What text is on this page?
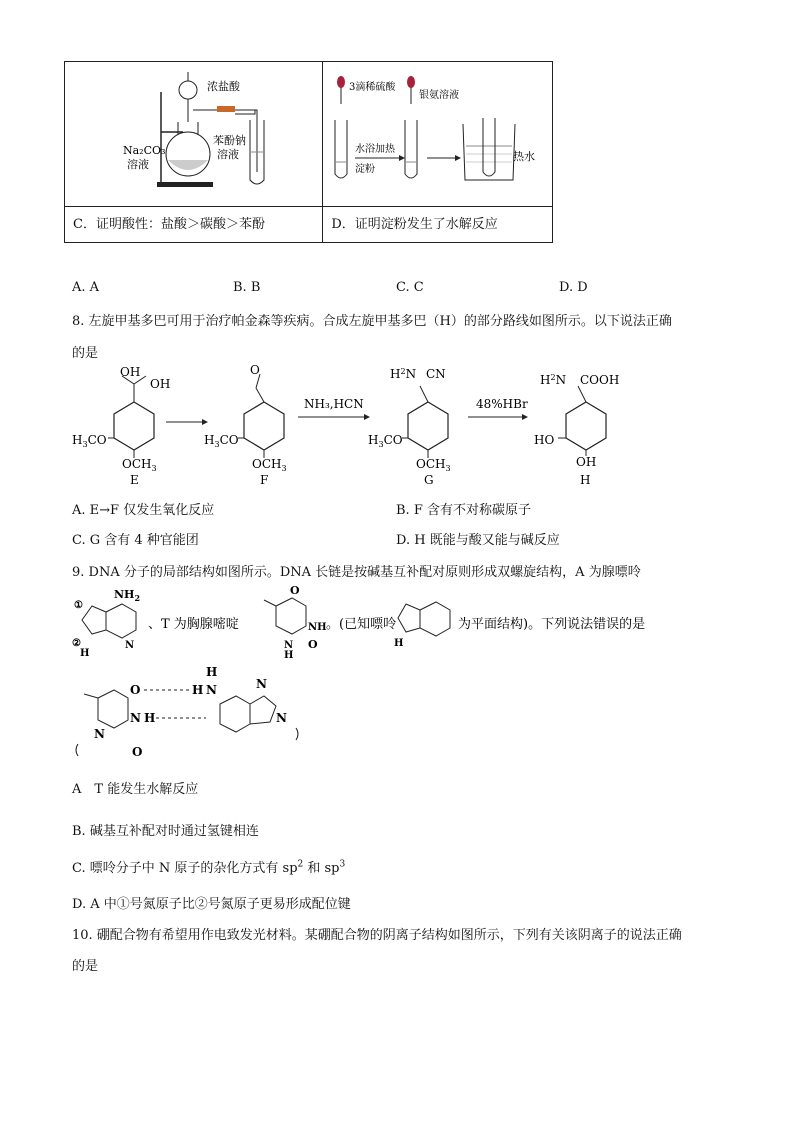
浓盐酸
Na₂CO₃
溶液
苯酚钠
溶液	3滴稀硫酸
银氨溶液
水浴加热
淀粉
热水

C．证明酸性：盐酸＞碳酸＞苯酚	D．证明淀粉发生了水解反应
A. A	B. B	C. C	D. D
8. 左旋甲基多巴可用于治疗帕金森等疾病。合成左旋甲基多巴（H）的部分路线如图所示。以下说法正确
的是
OH
OH
$H_3CO$
$OCH_3$
E
O
$H_3CO$
$OCH_3$
F
NH₃,HCN
$H^2N$ CN
$H_3CO$
$OCH_3$
G
48%HBr
$H^2N$ COOH
HO
OH
H
A. E→F 仅发生氧化反应	B. F 含有不对称碳原子
C. G 含有 4 种官能团	D. H 既能与酸又能与碱反应
9. DNA 分子的局部结构如图所示。DNA 长链是按碱基互补配对原则形成双螺旋结构，A 为腺嘌呤
$NH_2$
①
②
H
N
、T 为胸腺嘧啶
O
NH
N O
H
。(已知嘌呤
H
为平面结构)。下列说法错误的是
O
N
N
O
H
H
N
H
N
N
A　T 能发生水解反应
B. 碱基互补配对时通过氢键相连
C. 嘌呤分子中 N 原子的杂化方式有 $sp^2$ 和 $sp^3$
D. A 中①号氮原子比②号氮原子更易形成配位键
10. 硼配合物有希望用作电致发光材料。某硼配合物的阴离子结构如图所示，下列有关该阴离子的说法正确
的是
